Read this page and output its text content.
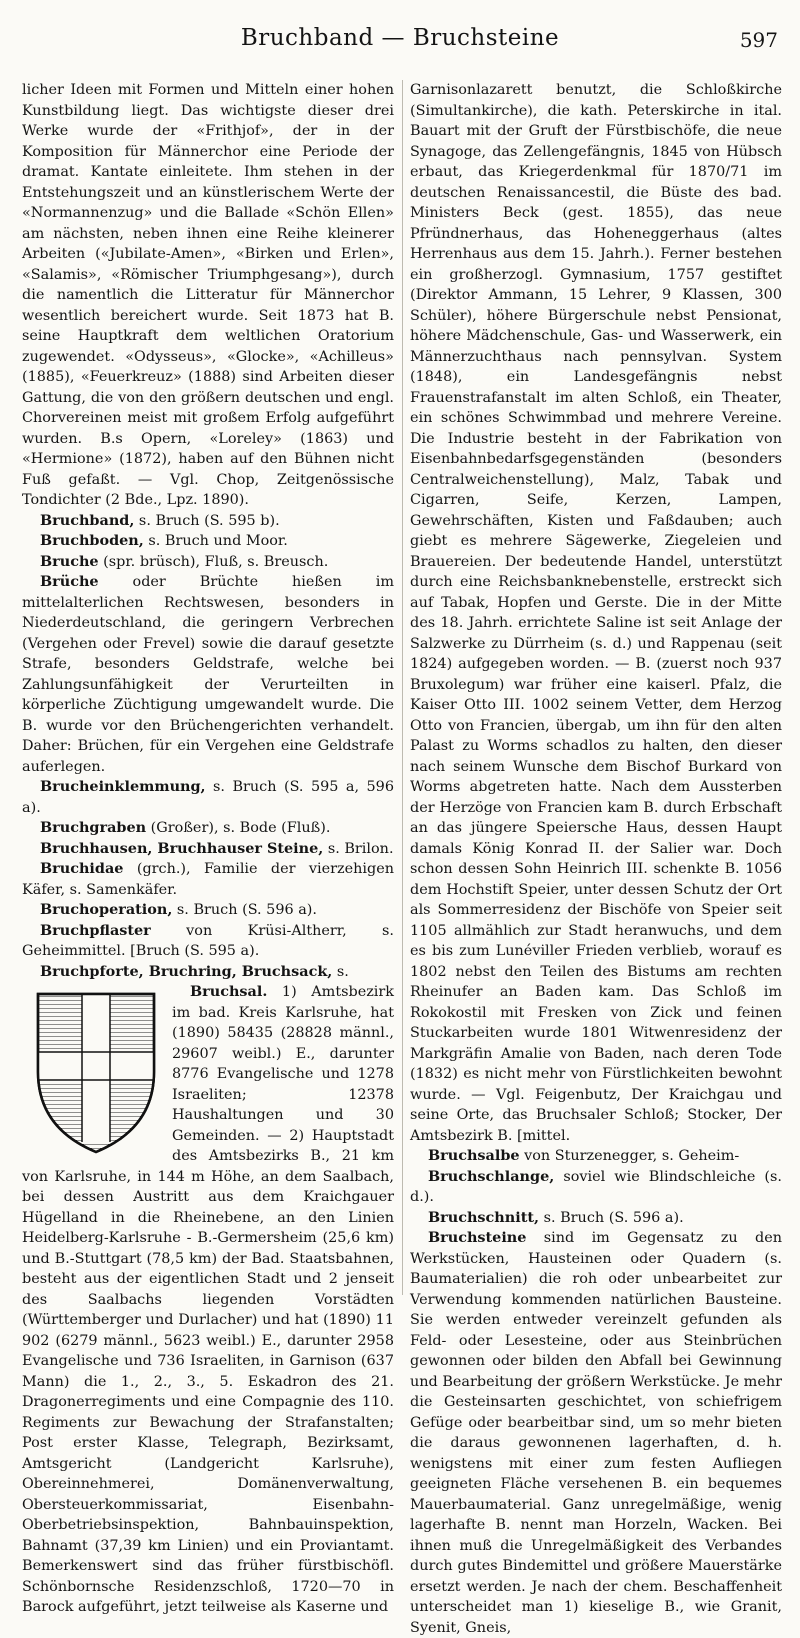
Bruchband — Bruchsteine	597

licher Ideen mit Formen und Mitteln einer hohen Kunstbildung liegt. Das wichtigste dieser drei Werke wurde der «Frithjof», der in der Komposition für Männerchor eine Periode der dramat. Kantate einleitete. Ihm stehen in der Entstehungszeit und an künstlerischem Werte der «Normannenzug» und die Ballade «Schön Ellen» am nächsten, neben ihnen eine Reihe kleinerer Arbeiten («Jubilate-Amen», «Birken und Erlen», «Salamis», «Römischer Triumphgesang»), durch die namentlich die Litteratur für Männerchor wesentlich bereichert wurde. Seit 1873 hat B. seine Hauptkraft dem weltlichen Oratorium zugewendet. «Odysseus», «Glocke», «Achilleus» (1885), «Feuerkreuz» (1888) sind Arbeiten dieser Gattung, die von den größern deutschen und engl. Chorvereinen meist mit großem Erfolg aufgeführt wurden. B.s Opern, «Loreley» (1863) und «Hermione» (1872), haben auf den Bühnen nicht Fuß gefaßt. — Vgl. Chop, Zeitgenössische Tondichter (2 Bde., Lpz. 1890).

Bruchband, s. Bruch (S. 595 b).

Bruchboden, s. Bruch und Moor.

Bruche (spr. brüsch), Fluß, s. Breusch.

Brüche oder Brüchte hießen im mittelalterlichen Rechtswesen, besonders in Niederdeutschland, die geringern Verbrechen (Vergehen oder Frevel) sowie die darauf gesetzte Strafe, besonders Geldstrafe, welche bei Zahlungsunfähigkeit der Verurteilten in körperliche Züchtigung umgewandelt wurde. Die B. wurde vor den Brüchengerichten verhandelt. Daher: Brüchen, für ein Vergehen eine Geldstrafe auferlegen.

Brucheinklemmung, s. Bruch (S. 595 a, 596 a).

Bruchgraben (Großer), s. Bode (Fluß).

Bruchhausen, Bruchhauser Steine, s. Brilon.

Bruchidae (grch.), Familie der vierzehigen Käfer, s. Samenkäfer.

Bruchoperation, s. Bruch (S. 596 a).

Bruchpflaster von Krüsi-Altherr, s. Geheimmittel. [Bruch (S. 595 a).

Bruchpforte, Bruchring, Bruchsack, s.

Bruchsal. 1) Amtsbezirk im bad. Kreis Karlsruhe, hat (1890) 58435 (28828 männl., 29607 weibl.) E., darunter 8776 Evangelische und 1278 Israeliten; 12378 Haushaltungen und 30 Gemeinden. — 2) Hauptstadt des Amtsbezirks B., 21 km von Karlsruhe, in 144 m Höhe, an dem Saalbach, bei dessen Austritt aus dem Kraichgauer Hügelland in die Rheinebene, an den Linien Heidelberg-Karlsruhe - B.-Germersheim (25,6 km) und B.-Stuttgart (78,5 km) der Bad. Staatsbahnen, besteht aus der eigentlichen Stadt und 2 jenseit des Saalbachs liegenden Vorstädten (Württemberger und Durlacher) und hat (1890) 11 902 (6279 männl., 5623 weibl.) E., darunter 2958 Evangelische und 736 Israeliten, in Garnison (637 Mann) die 1., 2., 3., 5. Eskadron des 21. Dragonerregiments und eine Compagnie des 110. Regiments zur Bewachung der Strafanstalten; Post erster Klasse, Telegraph, Bezirksamt, Amtsgericht (Landgericht Karlsruhe), Obereinnehmerei, Domänenverwaltung, Obersteuerkommissariat, Eisenbahn-Oberbetriebsinspektion, Bahnbauinspektion, Bahnamt (37,39 km Linien) und ein Proviantamt. Bemerkenswert sind das früher fürstbischöfl. Schönbornsche Residenzschloß, 1720—70 in Barock aufgeführt, jetzt teilweise als Kaserne und

Garnisonlazarett benutzt, die Schloßkirche (Simultankirche), die kath. Peterskirche in ital. Bauart mit der Gruft der Fürstbischöfe, die neue Synagoge, das Zellengefängnis, 1845 von Hübsch erbaut, das Kriegerdenkmal für 1870/71 im deutschen Renaissancestil, die Büste des bad. Ministers Beck (gest. 1855), das neue Pfründnerhaus, das Hoheneggerhaus (altes Herrenhaus aus dem 15. Jahrh.). Ferner bestehen ein großherzogl. Gymnasium, 1757 gestiftet (Direktor Ammann, 15 Lehrer, 9 Klassen, 300 Schüler), höhere Bürgerschule nebst Pensionat, höhere Mädchenschule, Gas- und Wasserwerk, ein Männerzuchthaus nach pennsylvan. System (1848), ein Landesgefängnis nebst Frauenstrafanstalt im alten Schloß, ein Theater, ein schönes Schwimmbad und mehrere Vereine. Die Industrie besteht in der Fabrikation von Eisenbahnbedarfsgegenständen (besonders Centralweichenstellung), Malz, Tabak und Cigarren, Seife, Kerzen, Lampen, Gewehrschäften, Kisten und Faßdauben; auch giebt es mehrere Sägewerke, Ziegeleien und Brauereien. Der bedeutende Handel, unterstützt durch eine Reichsbanknebenstelle, erstreckt sich auf Tabak, Hopfen und Gerste. Die in der Mitte des 18. Jahrh. errichtete Saline ist seit Anlage der Salzwerke zu Dürrheim (s. d.) und Rappenau (seit 1824) aufgegeben worden. — B. (zuerst noch 937 Bruxolegum) war früher eine kaiserl. Pfalz, die Kaiser Otto III. 1002 seinem Vetter, dem Herzog Otto von Francien, übergab, um ihn für den alten Palast zu Worms schadlos zu halten, den dieser nach seinem Wunsche dem Bischof Burkard von Worms abgetreten hatte. Nach dem Aussterben der Herzöge von Francien kam B. durch Erbschaft an das jüngere Speiersche Haus, dessen Haupt damals König Konrad II. der Salier war. Doch schon dessen Sohn Heinrich III. schenkte B. 1056 dem Hochstift Speier, unter dessen Schutz der Ort als Sommerresidenz der Bischöfe von Speier seit 1105 allmählich zur Stadt heranwuchs, und dem es bis zum Lunéviller Frieden verblieb, worauf es 1802 nebst den Teilen des Bistums am rechten Rheinufer an Baden kam. Das Schloß im Rokokostil mit Fresken von Zick und feinen Stuckarbeiten wurde 1801 Witwenresidenz der Markgräfin Amalie von Baden, nach deren Tode (1832) es nicht mehr von Fürstlichkeiten bewohnt wurde. — Vgl. Feigenbutz, Der Kraichgau und seine Orte, das Bruchsaler Schloß; Stocker, Der Amtsbezirk B. [mittel.

Bruchsalbe von Sturzenegger, s. Geheim-

Bruchschlange, soviel wie Blindschleiche (s. d.).

Bruchschnitt, s. Bruch (S. 596 a).

Bruchsteine sind im Gegensatz zu den Werkstücken, Hausteinen oder Quadern (s. Baumaterialien) die roh oder unbearbeitet zur Verwendung kommenden natürlichen Bausteine. Sie werden entweder vereinzelt gefunden als Feld- oder Lesesteine, oder aus Steinbrüchen gewonnen oder bilden den Abfall bei Gewinnung und Bearbeitung der größern Werkstücke. Je mehr die Gesteinsarten geschichtet, von schiefrigem Gefüge oder bearbeitbar sind, um so mehr bieten die daraus gewonnenen lagerhaften, d. h. wenigstens mit einer zum festen Aufliegen geeigneten Fläche versehenen B. ein bequemes Mauerbaumaterial. Ganz unregelmäßige, wenig lagerhafte B. nennt man Horzeln, Wacken. Bei ihnen muß die Unregelmäßigkeit des Verbandes durch gutes Bindemittel und größere Mauerstärke ersetzt werden. Je nach der chem. Beschaffenheit unterscheidet man 1) kieselige B., wie Granit, Syenit, Gneis,
